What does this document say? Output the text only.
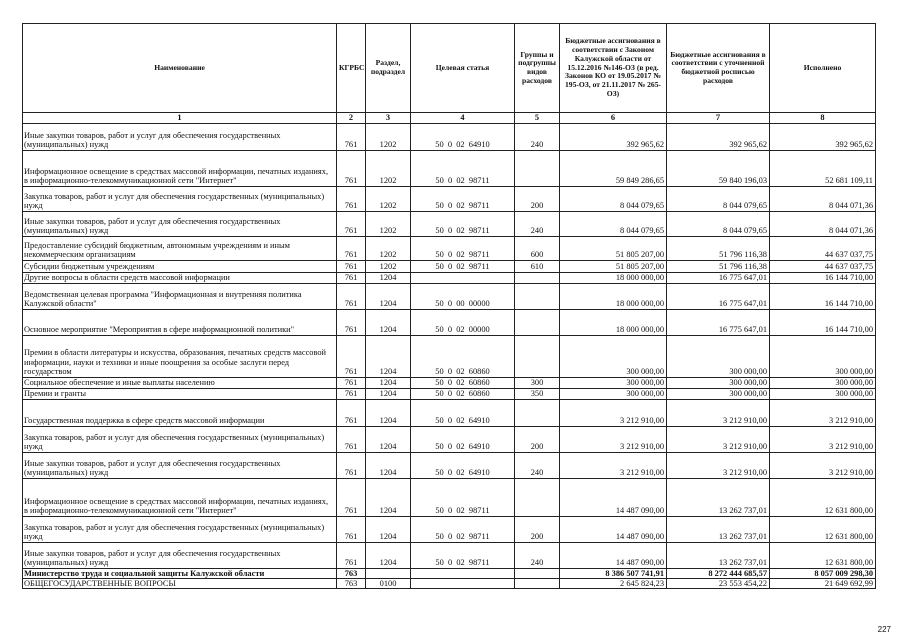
Наименование	КГРБС	Раздел, подраздел	Целевая статья	Группы и подгруппы видов расходов	Бюджетные ассигнования в соответствии с Законом Калужской области от 15.12.2016 №146-ОЗ (в ред. Законов КО от 19.05.2017 № 195-ОЗ, от 21.11.2017 № 265-ОЗ)	Бюджетные ассигнования в соответствии с уточненной бюджетной росписью расходов	Исполнено
1	2	3	4	5	6	7	8
Иные закупки товаров, работ и услуг для обеспечения государственных (муниципальных) нужд	761	1202	50  0  02  64910	240	392 965,62	392 965,62	392 965,62
Информационное освещение в средствах массовой информации, печатных изданиях, в информационно-телекоммуникационной сети "Интернет"	761	1202	50  0  02  98711		59 849 286,65	59 840 196,03	52 681 109,11
Закупка товаров, работ и услуг для обеспечения государственных (муниципальных) нужд	761	1202	50  0  02  98711	200	8 044 079,65	8 044 079,65	8 044 071,36
Иные закупки товаров, работ и услуг для обеспечения государственных (муниципальных) нужд	761	1202	50  0  02  98711	240	8 044 079,65	8 044 079,65	8 044 071,36
Предоставление субсидий бюджетным, автономным учреждениям и иным некоммерческим организациям	761	1202	50  0  02  98711	600	51 805 207,00	51 796 116,38	44 637 037,75
Субсидии бюджетным учреждениям	761	1202	50  0  02  98711	610	51 805 207,00	51 796 116,38	44 637 037,75
Другие вопросы в области средств массовой информации	761	1204			18 000 000,00	16 775 647,01	16 144 710,00
Ведомственная целевая программа "Информационная и внутренняя политика Калужской области"	761	1204	50  0  00  00000		18 000 000,00	16 775 647,01	16 144 710,00
Основное мероприятие "Мероприятия в сфере информационной политики"	761	1204	50  0  02  00000		18 000 000,00	16 775 647,01	16 144 710,00
Премии в области литературы и искусства, образования, печатных средств массовой информации, науки и техники и иные поощрения за особые заслуги перед государством	761	1204	50  0  02  60860		300 000,00	300 000,00	300 000,00
Социальное обеспечение и иные выплаты населению	761	1204	50  0  02  60860	300	300 000,00	300 000,00	300 000,00
Премии и гранты	761	1204	50  0  02  60860	350	300 000,00	300 000,00	300 000,00
Государственная поддержка в сфере средств массовой информации	761	1204	50  0  02  64910		3 212 910,00	3 212 910,00	3 212 910,00
Закупка товаров, работ и услуг для обеспечения государственных (муниципальных) нужд	761	1204	50  0  02  64910	200	3 212 910,00	3 212 910,00	3 212 910,00
Иные закупки товаров, работ и услуг для обеспечения государственных (муниципальных) нужд	761	1204	50  0  02  64910	240	3 212 910,00	3 212 910,00	3 212 910,00
Информационное освещение в средствах массовой информации, печатных изданиях, в информационно-телекоммуникационной сети "Интернет"	761	1204	50  0  02  98711		14 487 090,00	13 262 737,01	12 631 800,00
Закупка товаров, работ и услуг для обеспечения государственных (муниципальных) нужд	761	1204	50  0  02  98711	200	14 487 090,00	13 262 737,01	12 631 800,00
Иные закупки товаров, работ и услуг для обеспечения государственных (муниципальных) нужд	761	1204	50  0  02  98711	240	14 487 090,00	13 262 737,01	12 631 800,00
Министерство труда и социальной защиты Калужской области	763				8 386 507 741,91	8 272 444 685,57	8 057 009 298,30
ОБЩЕГОСУДАРСТВЕННЫЕ ВОПРОСЫ	763	0100			2 645 824,23	23 553 454,22	21 649 692,99
227
